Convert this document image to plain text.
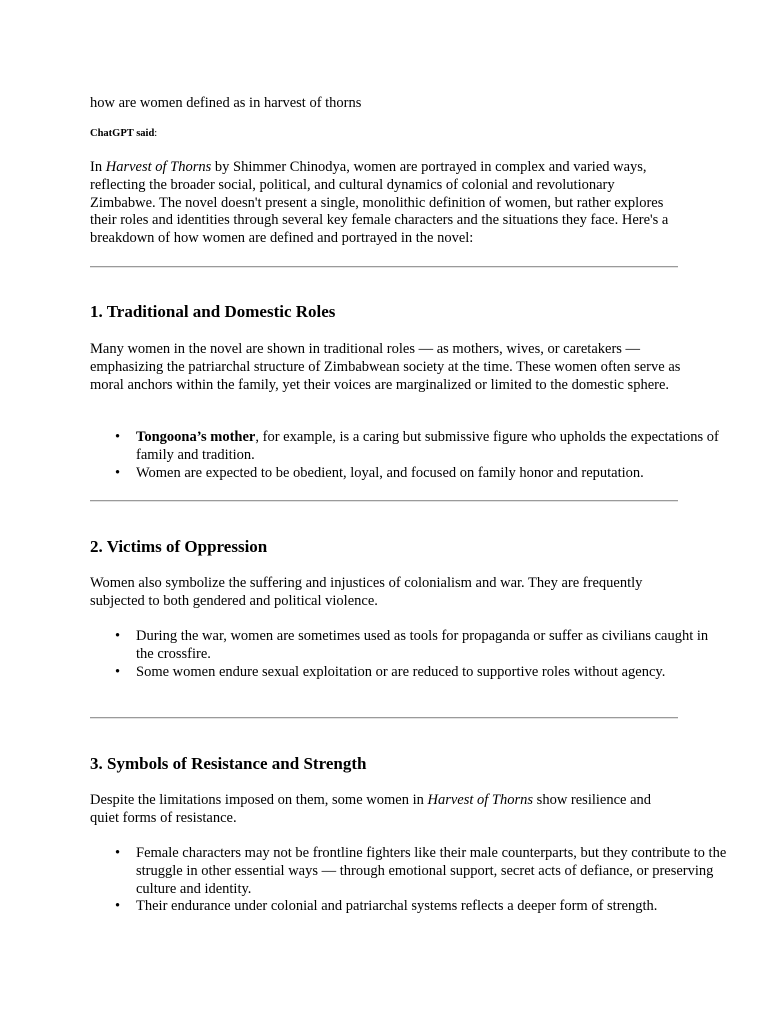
how are women defined as in harvest of thorns
ChatGPT said:

In Harvest of Thorns by Shimmer Chinodya, women are portrayed in complex and varied ways, reflecting the broader social, political, and cultural dynamics of colonial and revolutionary Zimbabwe. The novel doesn't present a single, monolithic definition of women, but rather explores their roles and identities through several key female characters and the situations they face. Here's a breakdown of how women are defined and portrayed in the novel:

1. Traditional and Domestic Roles

Many women in the novel are shown in traditional roles — as mothers, wives, or caretakers — emphasizing the patriarchal structure of Zimbabwean society at the time. These women often serve as moral anchors within the family, yet their voices are marginalized or limited to the domestic sphere.

• Tongoona’s mother, for example, is a caring but submissive figure who upholds the expectations of family and tradition.
• Women are expected to be obedient, loyal, and focused on family honor and reputation.
2. Victims of Oppression

Women also symbolize the suffering and injustices of colonialism and war. They are frequently subjected to both gendered and political violence.

• During the war, women are sometimes used as tools for propaganda or suffer as civilians caught in the crossfire.
• Some women endure sexual exploitation or are reduced to supportive roles without agency.
3. Symbols of Resistance and Strength

Despite the limitations imposed on them, some women in Harvest of Thorns show resilience and quiet forms of resistance.

• Female characters may not be frontline fighters like their male counterparts, but they contribute to the struggle in other essential ways — through emotional support, secret acts of defiance, or preserving culture and identity.
• Their endurance under colonial and patriarchal systems reflects a deeper form of strength.
